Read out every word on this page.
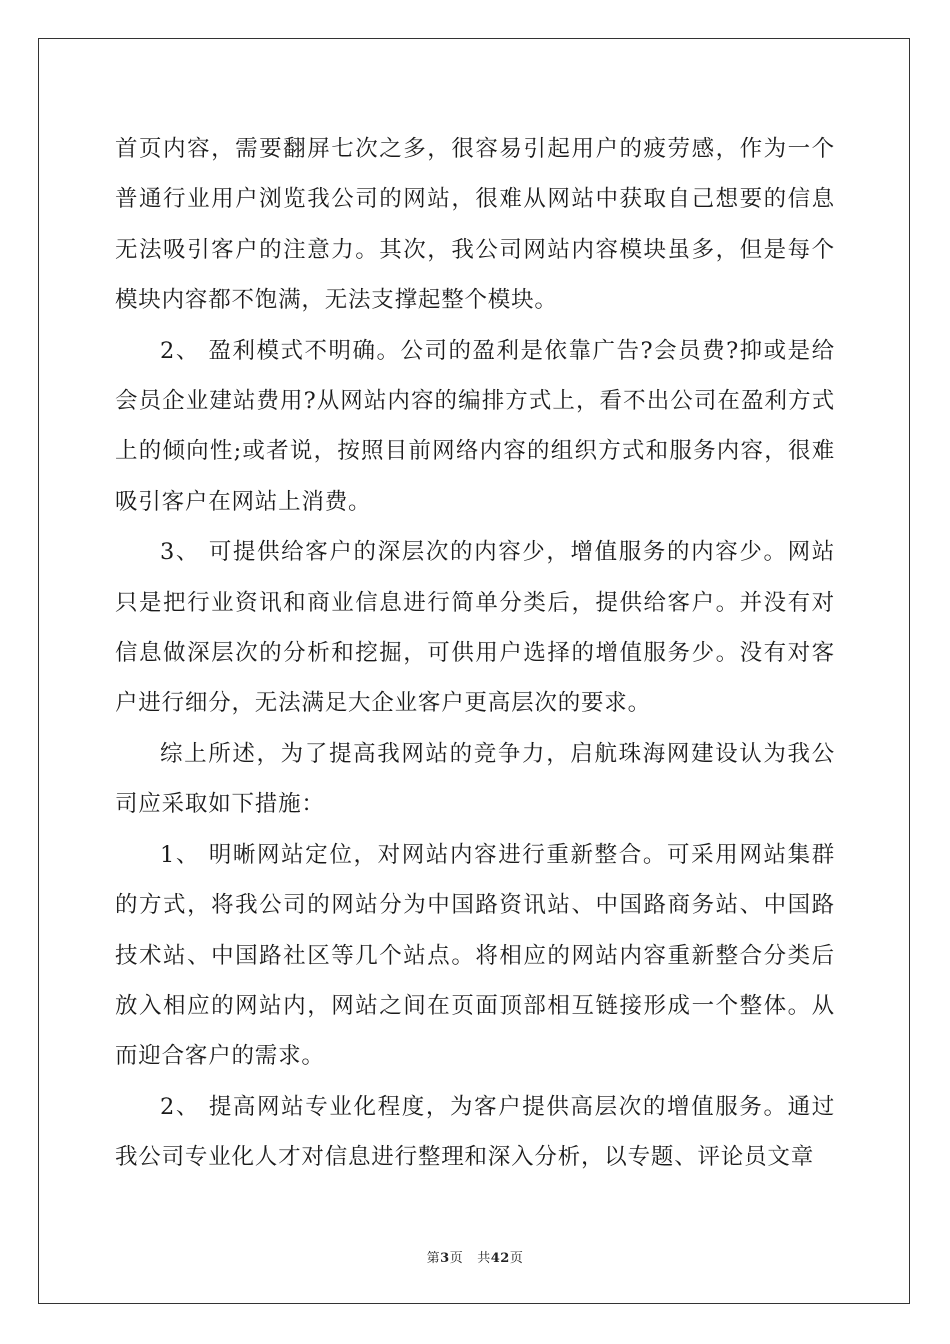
首页内容，需要翻屏七次之多，很容易引起用户的疲劳感，作为一个普通行业用户浏览我公司的网站，很难从网站中获取自己想要的信息无法吸引客户的注意力。其次，我公司网站内容模块虽多，但是每个模块内容都不饱满，无法支撑起整个模块。

2、 盈利模式不明确。公司的盈利是依靠广告?会员费?抑或是给会员企业建站费用?从网站内容的编排方式上，看不出公司在盈利方式上的倾向性;或者说，按照目前网络内容的组织方式和服务内容，很难吸引客户在网站上消费。

3、 可提供给客户的深层次的内容少，增值服务的内容少。网站只是把行业资讯和商业信息进行简单分类后，提供给客户。并没有对信息做深层次的分析和挖掘，可供用户选择的增值服务少。没有对客户进行细分，无法满足大企业客户更高层次的要求。

综上所述，为了提高我网站的竞争力，启航珠海网建设认为我公司应采取如下措施：

1、 明晰网站定位，对网站内容进行重新整合。可采用网站集群的方式，将我公司的网站分为中国路资讯站、中国路商务站、中国路技术站、中国路社区等几个站点。将相应的网站内容重新整合分类后放入相应的网站内，网站之间在页面顶部相互链接形成一个整体。从而迎合客户的需求。

2、 提高网站专业化程度，为客户提供高层次的增值服务。通过我公司专业化人才对信息进行整理和深入分析，以专题、评论员文章

第3页 共42页
